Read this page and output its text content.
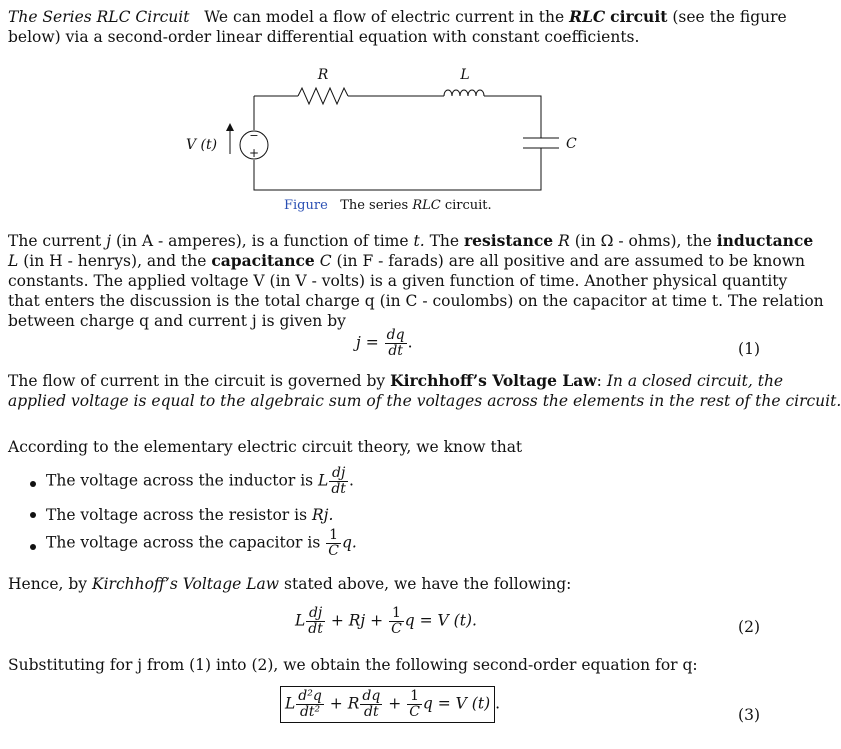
The Series RLC Circuit We can model a flow of electric current in the RLC circuit (see the figure
below) via a second-order linear differential equation with constant coefficients.
−
+
R	L
C
V (t)
Figure The series RLC circuit.
The current j (in A - amperes), is a function of time t. The resistance R (in Ω - ohms), the inductance
L (in H - henrys), and the capacitance C (in F - farads) are all positive and are assumed to be known
constants. The applied voltage V (in V - volts) is a given function of time. Another physical quantity
that enters the discussion is the total charge q (in C - coulombs) on the capacitor at time t. The relation
between charge q and current j is given by
$j = \frac{dq}{dt}$ .	(1)
The flow of current in the circuit is governed by Kirchhoff’s Voltage Law: In a closed circuit, the
applied voltage is equal to the algebraic sum of the voltages across the elements in the rest of the circuit.
According to the elementary electric circuit theory, we know that
The voltage across the inductor is L $\frac{dj}{dt}$ .
The voltage across the resistor is Rj.
The voltage across the capacitor is $\frac{1}{C} q$.
Hence, by Kirchhoff’s Voltage Law stated above, we have the following:
L $\frac{dj}{dt} + Rj + \frac{1}{C}$ q = V (t).	(2)
Substituting for j from (1) into (2), we obtain the following second-order equation for q:
L $\frac{\text{d²q}}{\text{dt²}} + R \frac{dq}{dt} + \frac{1}{C}$ q = V (t) .
(3)
